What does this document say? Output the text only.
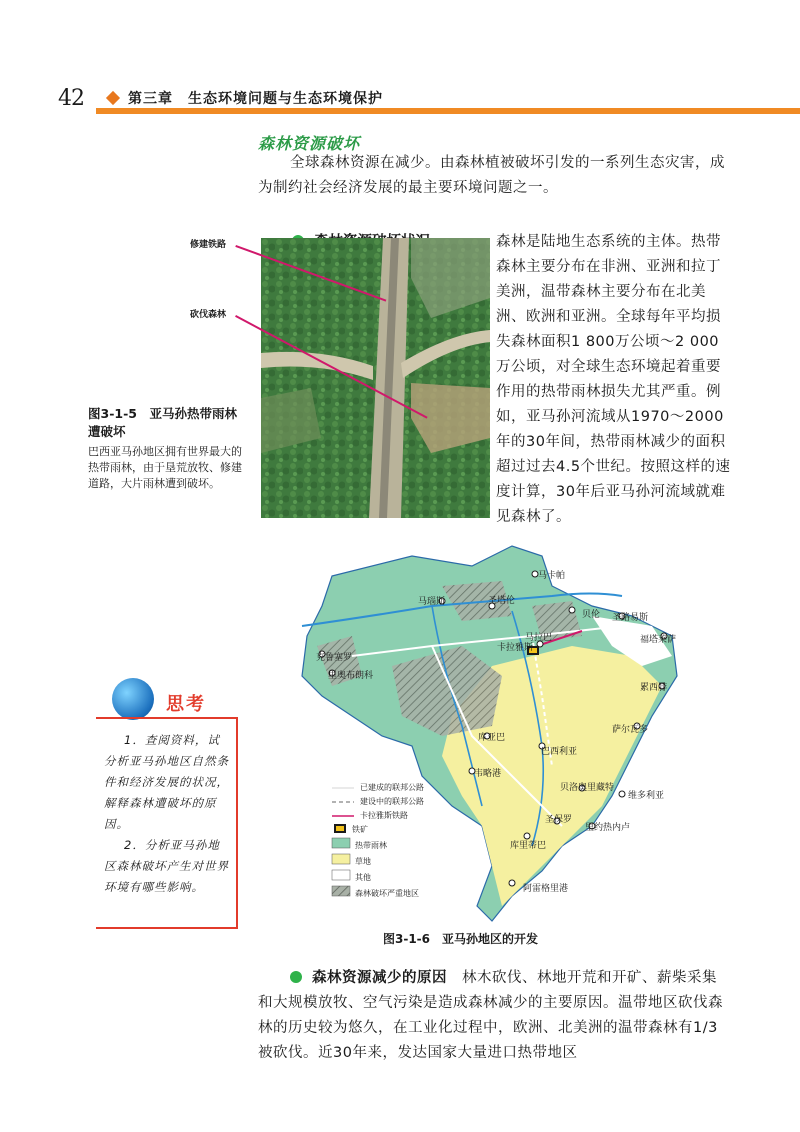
42	第三章　生态环境问题与生态环境保护
森林资源破坏
全球森林资源在减少。由森林植被破坏引发的一系列生态灾害，成为制约社会经济发展的最主要环境问题之一。
森林是陆地生态系统的主体。热带森林主要分布在非洲、亚洲和拉丁美洲，温带森林主要分布在北美洲、欧洲和亚洲。全球每年平均损失森林面积1 800万公顷～2 000万公顷，对全球生态环境起着重要作用的热带雨林损失尤其严重。例如，亚马孙河流域从1970～2000年的30年间，热带雨林减少的面积超过过去4.5个世纪。按照这样的速度计算，30年后亚马孙河流域就难见森林了。
修建铁路
砍伐森林
图3-1-5　亚马孙热带雨林遭破坏
巴西亚马孙地区拥有世界最大的热带雨林，由于垦荒放牧、修建道路，大片雨林遭到破坏。
马卡帕
马瑙斯	圣塔伦
贝伦 圣路易斯
福塔莱萨
马拉巴
卡拉雅斯
累西腓
萨尔瓦多
库亚巴
巴西利亚
贝洛奥里藏特
维多利亚
圣保罗
里约热内卢
库里蒂巴
阿雷格里港
克鲁塞罗
里奥布朗科
韦略港
已建成的联邦公路
建设中的联邦公路
卡拉雅斯铁路
铁矿
热带雨林
草地
其他
森林破坏严重地区
图3-1-6　亚马孙地区的开发
思考
1．查阅资料，试分析亚马孙地区自然条件和经济发展的状况，解释森林遭破坏的原因。
2．分析亚马孙地区森林破坏产生对世界环境有哪些影响。
森林资源减少的原因　 林木砍伐、林地开荒和开矿、薪柴采集和大规模放牧、空气污染是造成森林减少的主要原因。温带地区砍伐森林的历史较为悠久，在工业化过程中，欧洲、北美洲的温带森林有1/3被砍伐。近30年来，发达国家大量进口热带地区
